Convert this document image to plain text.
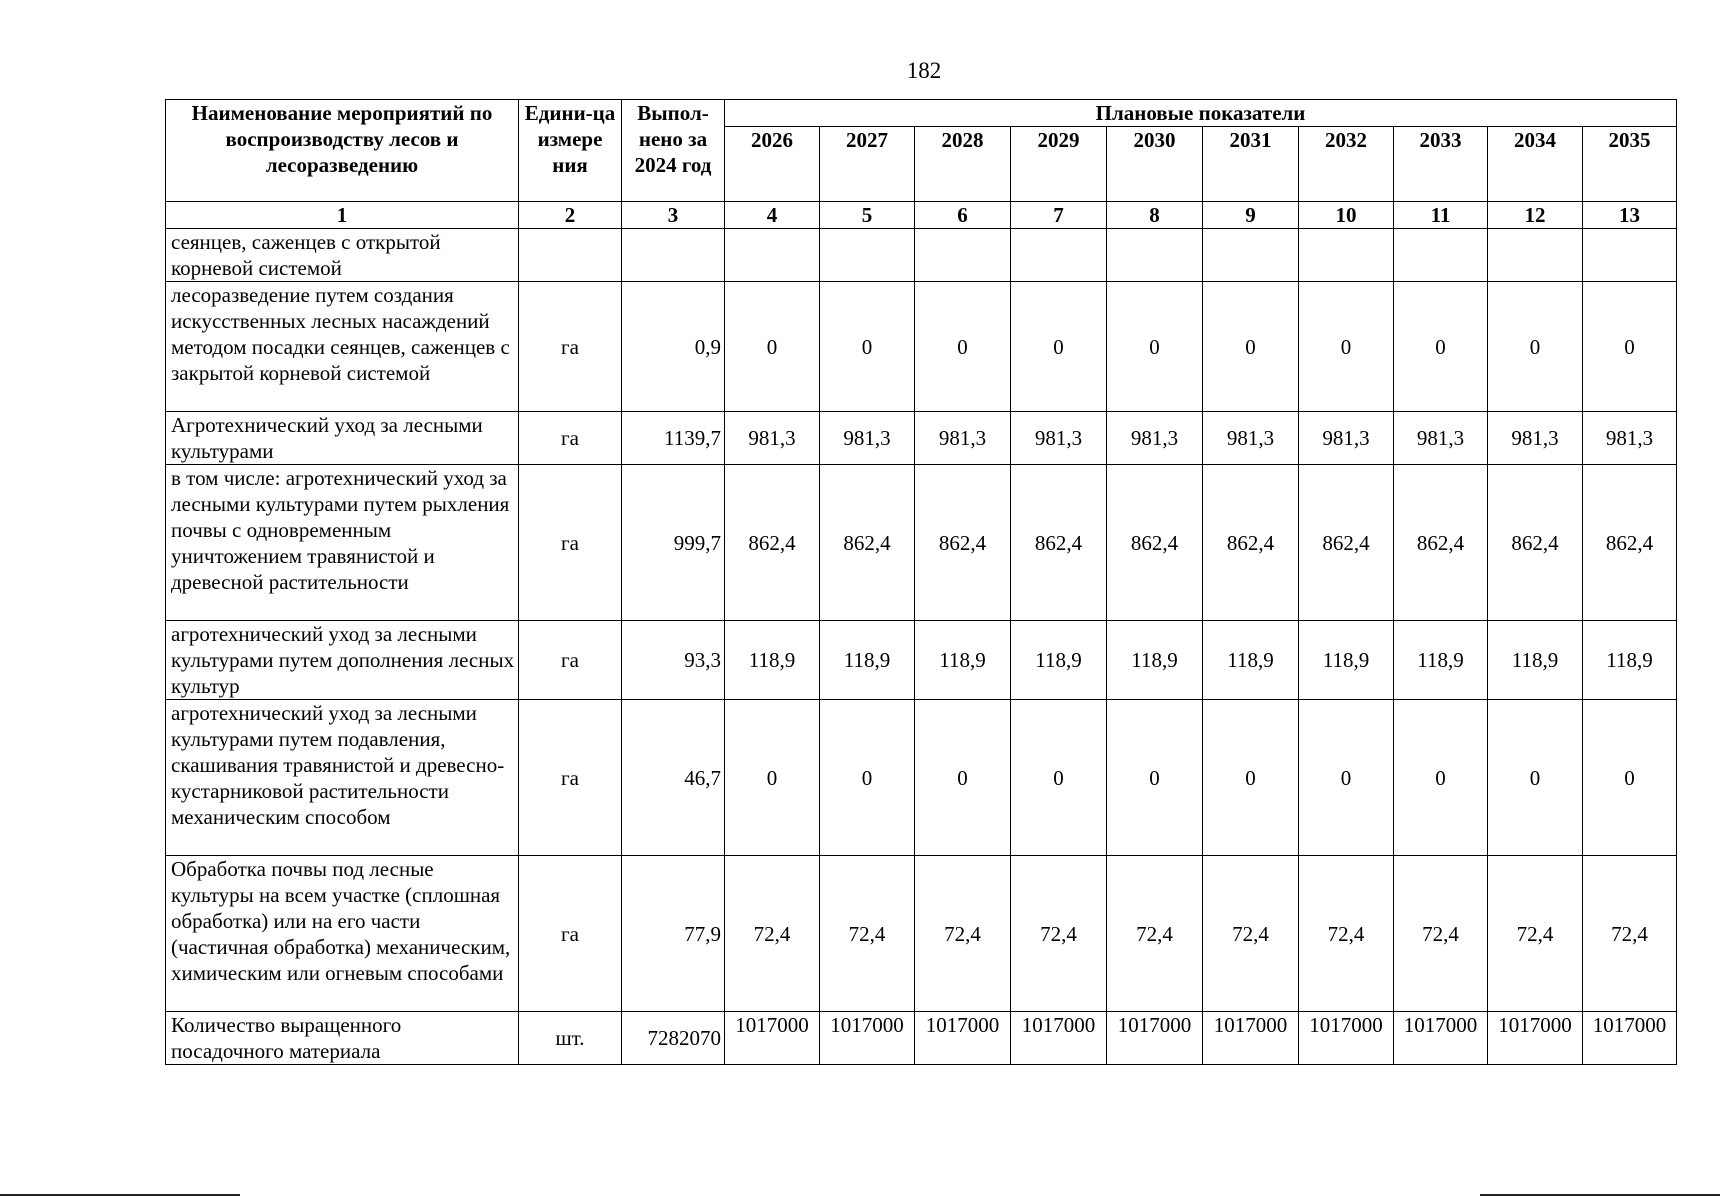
182
Наименование мероприятий по воспроизводству лесов и лесоразведению	Едини-ца измере ния	Выпол-нено за 2024 год	Плановые показатели									
			2026	2027	2028	2029	2030	2031	2032	2033	2034	2035
1	2	3	4	5	6	7	8	9	10	11	12	13
сеянцев, саженцев с открытой корневой системой												
лесоразведение путем создания искусственных лесных насаждений методом посадки сеянцев, саженцев с закрытой корневой системой	га	0,9	0	0	0	0	0	0	0	0	0	0
Агротехнический уход за лесными культурами	га	1139,7	981,3	981,3	981,3	981,3	981,3	981,3	981,3	981,3	981,3	981,3
в том числе: агротехнический уход за лесными культурами путем рыхления почвы с одновременным уничтожением травянистой и древесной растительности	га	999,7	862,4	862,4	862,4	862,4	862,4	862,4	862,4	862,4	862,4	862,4
агротехнический уход за лесными культурами путем дополнения лесных культур	га	93,3	118,9	118,9	118,9	118,9	118,9	118,9	118,9	118,9	118,9	118,9
агротехнический уход за лесными культурами путем подавления, скашивания травянистой и древесно-кустарниковой растительности механическим способом	га	46,7	0	0	0	0	0	0	0	0	0	0
Обработка почвы под лесные культуры на всем участке (сплошная обработка) или на его части (частичная обработка) механическим, химическим или огневым способами	га	77,9	72,4	72,4	72,4	72,4	72,4	72,4	72,4	72,4	72,4	72,4
Количество выращенного посадочного материала	шт.	7282070	1017000	1017000	1017000	1017000	1017000	1017000	1017000	1017000	1017000	1017000
